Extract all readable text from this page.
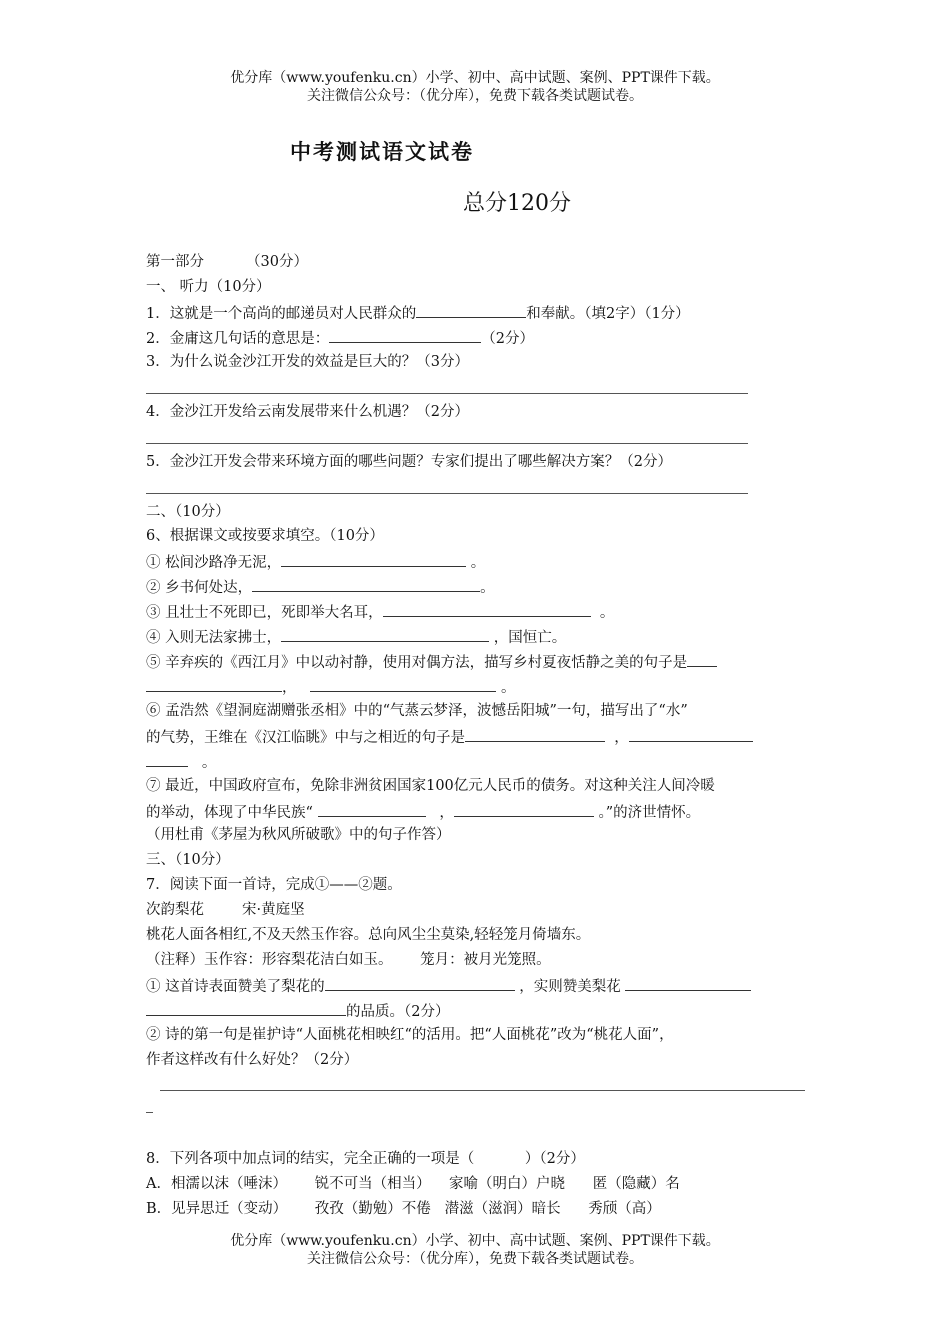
优分库（www.youfenku.cn）小学、初中、高中试题、案例、PPT课件下载。
关注微信公众号：（优分库），免费下载各类试题试卷。
中考测试语文试卷
总分120分
第一部分	（30分）
一、 听力（10分）
1．这就是一个高尚的邮递员对人民群众的	和奉献。（填2字）（1分）
2．金庸这几句话的意思是：	（2分）
3．为什么说金沙江开发的效益是巨大的？（3分）
4．金沙江开发给云南发展带来什么机遇？（2分）
5．金沙江开发会带来环境方面的哪些问题？专家们提出了哪些解决方案？（2分）
二、（10分）
6、根据课文或按要求填空。（10分）
① 松间沙路净无泥，	。
② 乡书何处达，	。
③ 且壮士不死即已，死即举大名耳，	。
④ 入则无法家拂士，	，国恒亡。
⑤ 辛弃疾的《西江月》中以动衬静，使用对偶方法，描写乡村夏夜恬静之美的句子是
，	。
⑥ 孟浩然《望洞庭湖赠张丞相》中的“气蒸云梦泽，波憾岳阳城”一句，描写出了“水”
的气势，王维在《汉江临眺》中与之相近的句子是	，
。
⑦ 最近，中国政府宣布，免除非洲贫困国家100亿元人民币的债务。对这种关注人间冷暖
的举动，体现了中华民族“	，	。”的济世情怀。
（用杜甫《茅屋为秋风所破歌》中的句子作答）
三、（10分）
7．阅读下面一首诗，完成①——②题。
次韵梨花	宋·黄庭坚
桃花人面各相红,不及天然玉作容。总向风尘尘莫染,轻轻笼月倚墙东。
（注释）玉作容：形容梨花洁白如玉。      笼月：被月光笼照。
① 这首诗表面赞美了梨花的	，实则赞美梨花
的品质。（2分）
② 诗的第一句是崔护诗“人面桃花相映红“的活用。把“人面桃花”改为“桃花人面”，
作者这样改有什么好处？（2分）
8．下列各项中加点词的结实，完全正确的一项是（           ）（2分）
A．相濡以沫（唾沫）      锐不可当（相当）    家喻（明白）户晓      匿（隐藏）名
B．见异思迁（变动）      孜孜（勤勉）不倦   潜滋（滋润）暗长      秀颀（高）
优分库（www.youfenku.cn）小学、初中、高中试题、案例、PPT课件下载。
关注微信公众号：（优分库），免费下载各类试题试卷。
